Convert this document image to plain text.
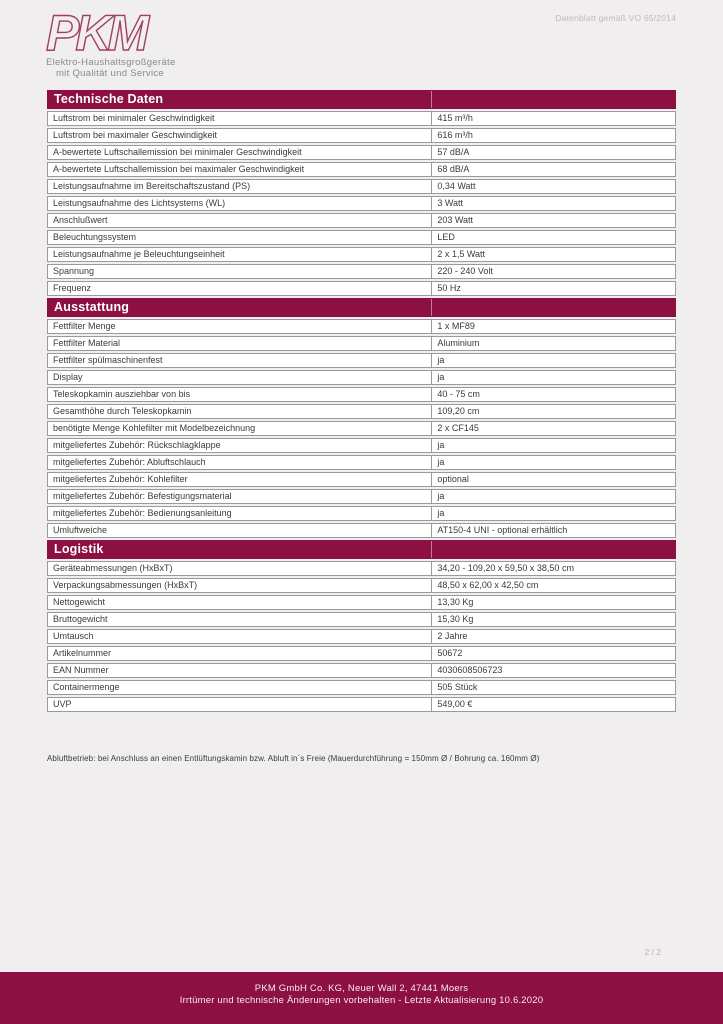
PKM
Elektro-Haushaltsgroßgeräte
mit Qualität und Service
Datenblatt gemäß VO 65/2014
Technische Daten
Luftstrom bei minimaler Geschwindigkeit	415 m³/h
Luftstrom bei maximaler Geschwindigkeit	616 m³/h
A-bewertete Luftschallemission bei minimaler Geschwindigkeit	57 dB/A
A-bewertete Luftschallemission bei maximaler Geschwindigkeit	68 dB/A
Leistungsaufnahme im Bereitschaftszustand (PS)	0,34 Watt
Leistungsaufnahme des Lichtsystems (WL)	3 Watt
Anschlußwert	203 Watt
Beleuchtungssystem	LED
Leistungsaufnahme je Beleuchtungseinheit	2 x 1,5 Watt
Spannung	220 - 240 Volt
Frequenz	50 Hz
Ausstattung
Fettfilter Menge	1 x MF89
Fettfilter Material	Aluminium
Fettfilter spülmaschinenfest	ja
Display	ja
Teleskopkamin ausziehbar von bis	40 - 75 cm
Gesamthöhe durch Teleskopkamin	109,20 cm
benötigte Menge Kohlefilter mit Modelbezeichnung	2 x CF145
mitgeliefertes Zubehör: Rückschlagklappe	ja
mitgeliefertes Zubehör: Abluftschlauch	ja
mitgeliefertes Zubehör: Kohlefilter	optional
mitgeliefertes Zubehör: Befestigungsmaterial	ja
mitgeliefertes Zubehör: Bedienungsanleitung	ja
Umluftweiche	AT150-4 UNI - optional erhältlich
Logistik
Geräteabmessungen (HxBxT)	34,20 - 109,20 x 59,50 x 38,50 cm
Verpackungsabmessungen (HxBxT)	48,50 x 62,00 x 42,50 cm
Nettogewicht	13,30 Kg
Bruttogewicht	15,30 Kg
Umtausch	2 Jahre
Artikelnummer	50672
EAN Nummer	4030608506723
Containermenge	505 Stück
UVP	549,00 €
Abluftbetrieb: bei Anschluss an einen Entlüftungskamin bzw. Abluft in´s Freie (Mauerdurchführung = 150mm Ø / Bohrung ca. 160mm Ø)
2 / 2
PKM GmbH Co. KG, Neuer Wall 2, 47441 Moers
Irrtümer und technische Änderungen vorbehalten - Letzte Aktualisierung 10.6.2020
